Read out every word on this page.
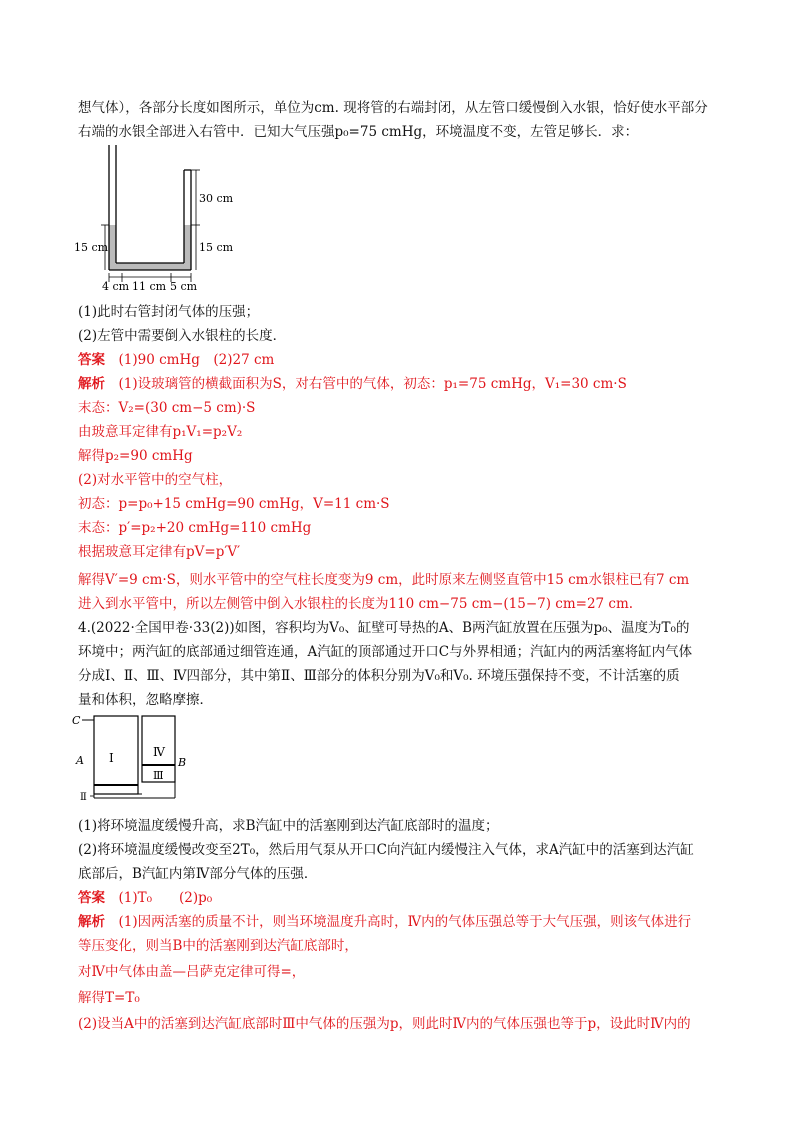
想气体），各部分长度如图所示，单位为cm. 现将管的右端封闭，从左管口缓慢倒入水银，恰好使水平部分
右端的水银全部进入右管中．已知大气压强p₀=75 cmHg，环境温度不变，左管足够长．求：
15 cm
30 cm
15 cm
4 cm 11 cm 5 cm
(1)此时右管封闭气体的压强；
(2)左管中需要倒入水银柱的长度．
答案　 (1)90 cmHg　(2)27 cm
解析　 (1)设玻璃管的横截面积为S，对右管中的气体，初态：p₁=75 cmHg，V₁=30 cm·S
末态：V₂=(30 cm−5 cm)·S
由玻意耳定律有p₁V₁=p₂V₂
解得p₂=90 cmHg
(2)对水平管中的空气柱，
初态：p=p₀+15 cmHg=90 cmHg，V=11 cm·S
末态：p′=p₂+20 cmHg=110 cmHg
根据玻意耳定律有pV=p′V′
解得V′=9 cm·S，则水平管中的空气柱长度变为9 cm，此时原来左侧竖直管中15 cm水银柱已有7 cm
进入到水平管中，所以左侧管中倒入水银柱的长度为110 cm−75 cm−(15−7) cm=27 cm.
4.(2022·全国甲卷·33(2))如图，容积均为V₀、缸壁可导热的A、B两汽缸放置在压强为p₀、温度为T₀的
环境中；两汽缸的底部通过细管连通，A汽缸的顶部通过开口C与外界相通；汽缸内的两活塞将缸内气体
分成Ⅰ、Ⅱ、Ⅲ、Ⅳ四部分，其中第Ⅱ、Ⅲ部分的体积分别为V₀和V₀. 环境压强保持不变，不计活塞的质
量和体积，忽略摩擦．
C
A Ⅰ
Ⅱ
Ⅳ
Ⅲ
B
(1)将环境温度缓慢升高，求B汽缸中的活塞刚到达汽缸底部时的温度；
(2)将环境温度缓慢改变至2T₀，然后用气泵从开口C向汽缸内缓慢注入气体，求A汽缸中的活塞到达汽缸
底部后，B汽缸内第Ⅳ部分气体的压强．
答案　 (1)T₀　　(2)p₀
解析　 (1)因两活塞的质量不计，则当环境温度升高时，Ⅳ内的气体压强总等于大气压强，则该气体进行
等压变化，则当B中的活塞刚到达汽缸底部时，
对Ⅳ中气体由盖—吕萨克定律可得=，
解得T=T₀
(2)设当A中的活塞到达汽缸底部时Ⅲ中气体的压强为p，则此时Ⅳ内的气体压强也等于p，设此时Ⅳ内的
